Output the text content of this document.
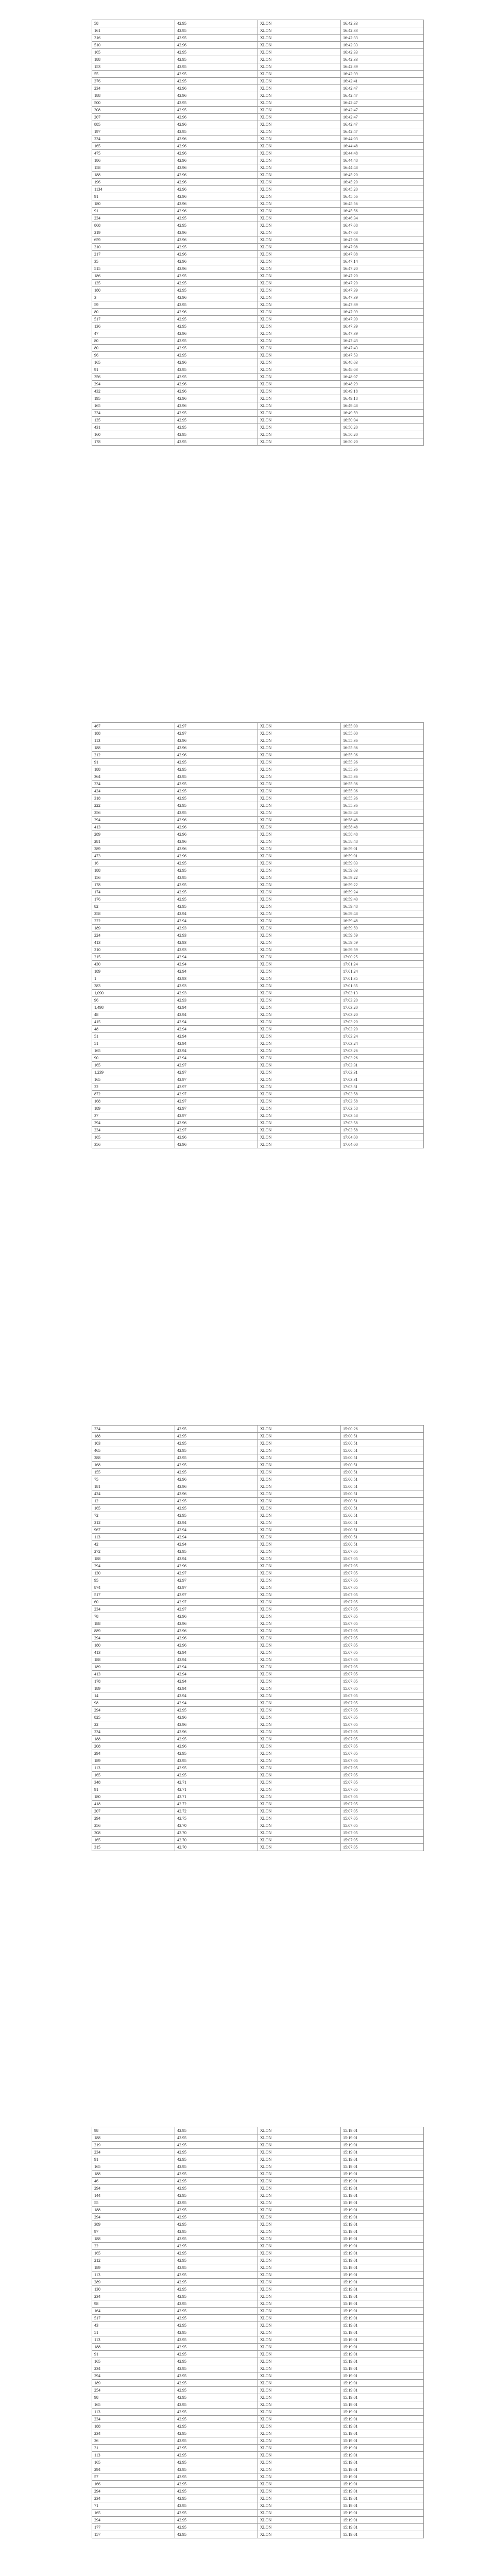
58	42.95	XLON	16:42:33
161	42.95	XLON	16:42:33
316	42.95	XLON	16:42:33
510	42.96	XLON	16:42:33
165	42.95	XLON	16:42:33
188	42.95	XLON	16:42:33
153	42.95	XLON	16:42:39
55	42.95	XLON	16:42:39
376	42.95	XLON	16:42:41
234	42.96	XLON	16:42:47
188	42.96	XLON	16:42:47
500	42.95	XLON	16:42:47
308	42.95	XLON	16:42:47
207	42.96	XLON	16:42:47
885	42.96	XLON	16:42:47
197	42.95	XLON	16:42:47
234	42.96	XLON	16:44:03
165	42.96	XLON	16:44:48
475	42.96	XLON	16:44:48
186	42.96	XLON	16:44:48
158	42.96	XLON	16:44:48
188	42.96	XLON	16:45:20
196	42.96	XLON	16:45:20
1134	42.96	XLON	16:45:20
91	42.96	XLON	16:45:56
180	42.96	XLON	16:45:56
91	42.96	XLON	16:45:56
234	42.95	XLON	16:46:34
868	42.95	XLON	16:47:08
219	42.96	XLON	16:47:08
659	42.96	XLON	16:47:08
310	42.95	XLON	16:47:08
217	42.96	XLON	16:47:08
35	42.96	XLON	16:47:14
515	42.96	XLON	16:47:20
186	42.95	XLON	16:47:20
135	42.95	XLON	16:47:20
180	42.95	XLON	16:47:39
3	42.96	XLON	16:47:39
59	42.95	XLON	16:47:39
80	42.96	XLON	16:47:39
517	42.95	XLON	16:47:39
136	42.95	XLON	16:47:39
47	42.96	XLON	16:47:39
80	42.95	XLON	16:47:43
80	42.95	XLON	16:47:43
96	42.95	XLON	16:47:53
165	42.96	XLON	16:48:03
91	42.95	XLON	16:48:03
356	42.95	XLON	16:48:07
294	42.96	XLON	16:48:29
432	42.96	XLON	16:49:18
195	42.96	XLON	16:49:18
165	42.96	XLON	16:49:48
234	42.95	XLON	16:49:59
135	42.95	XLON	16:50:04
431	42.95	XLON	16:50:20
160	42.95	XLON	16:50:20
178	42.95	XLON	16:50:20
467	42.97	XLON	16:55:00
188	42.97	XLON	16:55:00
113	42.96	XLON	16:55:36
188	42.96	XLON	16:55:36
212	42.96	XLON	16:55:36
91	42.95	XLON	16:55:36
188	42.95	XLON	16:55:36
364	42.95	XLON	16:55:36
234	42.95	XLON	16:55:36
424	42.95	XLON	16:55:36
318	42.95	XLON	16:55:36
222	42.95	XLON	16:55:36
256	42.95	XLON	16:58:48
294	42.96	XLON	16:58:48
413	42.96	XLON	16:58:48
289	42.96	XLON	16:58:48
281	42.96	XLON	16:58:48
289	42.96	XLON	16:59:01
473	42.96	XLON	16:59:01
16	42.95	XLON	16:59:03
188	42.95	XLON	16:59:03
156	42.95	XLON	16:59:22
178	42.95	XLON	16:59:22
174	42.95	XLON	16:59:24
176	42.95	XLON	16:59:40
82	42.95	XLON	16:59:48
258	42.94	XLON	16:59:48
222	42.94	XLON	16:59:48
189	42.93	XLON	16:59:59
224	42.93	XLON	16:59:59
413	42.93	XLON	16:59:59
210	42.93	XLON	16:59:59
215	42.94	XLON	17:00:25
430	42.94	XLON	17:01:24
189	42.94	XLON	17:01:24
1	42.93	XLON	17:01:35
383	42.93	XLON	17:01:35
1,090	42.93	XLON	17:03:13
96	42.93	XLON	17:03:20
1,498	42.94	XLON	17:03:20
48	42.94	XLON	17:03:20
415	42.94	XLON	17:03:20
48	42.94	XLON	17:03:20
51	42.94	XLON	17:03:24
51	42.94	XLON	17:03:24
165	42.94	XLON	17:03:26
90	42.94	XLON	17:03:26
165	42.97	XLON	17:03:31
1,239	42.97	XLON	17:03:31
165	42.97	XLON	17:03:31
22	42.97	XLON	17:03:31
872	42.97	XLON	17:03:58
168	42.97	XLON	17:03:58
189	42.97	XLON	17:03:58
37	42.97	XLON	17:03:58
294	42.96	XLON	17:03:58
234	42.97	XLON	17:03:58
165	42.96	XLON	17:04:00
356	42.96	XLON	17:04:00
234	42.95	XLON	15:00:26
188	42.95	XLON	15:00:51
103	42.95	XLON	15:00:51
465	42.95	XLON	15:00:51
288	42.95	XLON	15:00:51
168	42.95	XLON	15:00:51
155	42.95	XLON	15:00:51
75	42.96	XLON	15:00:51
181	42.96	XLON	15:00:51
424	42.96	XLON	15:00:51
12	42.95	XLON	15:00:51
165	42.95	XLON	15:00:51
72	42.95	XLON	15:00:51
212	42.94	XLON	15:00:51
967	42.94	XLON	15:00:51
113	42.94	XLON	15:00:51
42	42.94	XLON	15:00:51
272	42.95	XLON	15:07:05
188	42.94	XLON	15:07:05
294	42.96	XLON	15:07:05
130	42.97	XLON	15:07:05
95	42.97	XLON	15:07:05
874	42.97	XLON	15:07:05
517	42.97	XLON	15:07:05
60	42.97	XLON	15:07:05
234	42.97	XLON	15:07:05
78	42.96	XLON	15:07:05
188	42.96	XLON	15:07:05
889	42.96	XLON	15:07:05
294	42.96	XLON	15:07:05
180	42.96	XLON	15:07:05
413	42.94	XLON	15:07:05
188	42.94	XLON	15:07:05
189	42.94	XLON	15:07:05
413	42.94	XLON	15:07:05
178	42.94	XLON	15:07:05
189	42.94	XLON	15:07:05
14	42.94	XLON	15:07:05
98	42.94	XLON	15:07:05
294	42.95	XLON	15:07:05
825	42.96	XLON	15:07:05
22	42.96	XLON	15:07:05
234	42.96	XLON	15:07:05
188	42.95	XLON	15:07:05
208	42.96	XLON	15:07:05
294	42.95	XLON	15:07:05
189	42.95	XLON	15:07:05
113	42.95	XLON	15:07:05
165	42.95	XLON	15:07:05
348	42.71	XLON	15:07:05
91	42.71	XLON	15:07:05
180	42.71	XLON	15:07:05
418	42.72	XLON	15:07:05
207	42.72	XLON	15:07:05
294	42.75	XLON	15:07:05
256	42.70	XLON	15:07:05
208	42.70	XLON	15:07:05
165	42.70	XLON	15:07:05
315	42.70	XLON	15:07:05
98	42.95	XLON	15:19:01
188	42.95	XLON	15:19:01
219	42.95	XLON	15:19:01
234	42.95	XLON	15:19:01
91	42.95	XLON	15:19:01
165	42.95	XLON	15:19:01
188	42.95	XLON	15:19:01
46	42.95	XLON	15:19:01
294	42.95	XLON	15:19:01
144	42.95	XLON	15:19:01
55	42.95	XLON	15:19:01
188	42.95	XLON	15:19:01
294	42.95	XLON	15:19:01
389	42.95	XLON	15:19:01
97	42.95	XLON	15:19:01
188	42.95	XLON	15:19:01
22	42.95	XLON	15:19:01
165	42.95	XLON	15:19:01
212	42.95	XLON	15:19:01
189	42.95	XLON	15:19:01
113	42.95	XLON	15:19:01
289	42.95	XLON	15:19:01
130	42.95	XLON	15:19:01
234	42.95	XLON	15:19:01
98	42.95	XLON	15:19:01
164	42.95	XLON	15:19:01
517	42.95	XLON	15:19:01
43	42.95	XLON	15:19:01
51	42.95	XLON	15:19:01
113	42.95	XLON	15:19:01
188	42.95	XLON	15:19:01
91	42.95	XLON	15:19:01
165	42.95	XLON	15:19:01
234	42.95	XLON	15:19:01
294	42.95	XLON	15:19:01
189	42.95	XLON	15:19:01
254	42.95	XLON	15:19:01
98	42.95	XLON	15:19:01
165	42.95	XLON	15:19:01
113	42.95	XLON	15:19:01
234	42.95	XLON	15:19:01
188	42.95	XLON	15:19:01
234	42.95	XLON	15:19:01
26	42.95	XLON	15:19:01
31	42.95	XLON	15:19:01
113	42.95	XLON	15:19:01
165	42.95	XLON	15:19:01
294	42.95	XLON	15:19:01
57	42.95	XLON	15:19:01
166	42.95	XLON	15:19:01
294	42.95	XLON	15:19:01
234	42.95	XLON	15:19:01
71	42.95	XLON	15:19:01
165	42.95	XLON	15:19:01
294	42.95	XLON	15:19:01
177	42.95	XLON	15:19:01
157	42.95	XLON	15:19:01
